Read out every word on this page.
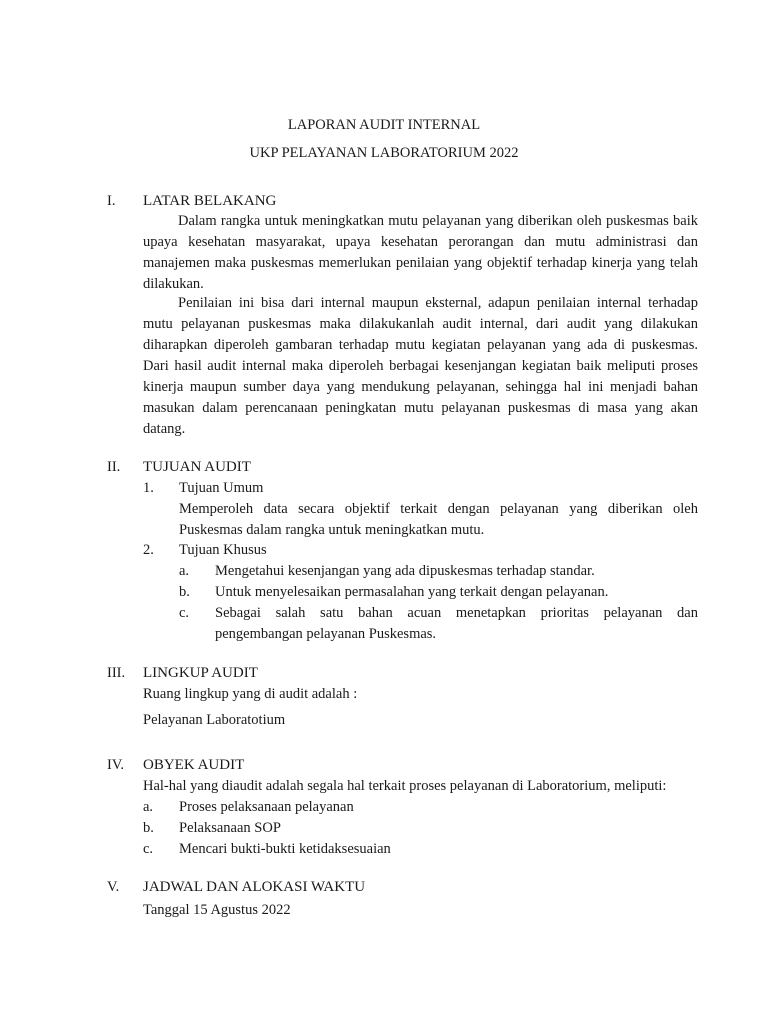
LAPORAN AUDIT INTERNAL
UKP PELAYANAN LABORATORIUM 2022
I. LATAR BELAKANG
Dalam rangka untuk meningkatkan mutu pelayanan yang diberikan oleh puskesmas baik upaya kesehatan masyarakat, upaya kesehatan perorangan dan mutu administrasi dan manajemen maka puskesmas memerlukan penilaian yang objektif terhadap kinerja yang telah dilakukan.
Penilaian ini bisa dari internal maupun eksternal, adapun penilaian internal terhadap mutu pelayanan puskesmas maka dilakukanlah audit internal, dari audit yang dilakukan diharapkan diperoleh gambaran terhadap mutu kegiatan pelayanan yang ada di puskesmas. Dari hasil audit internal maka diperoleh berbagai kesenjangan kegiatan baik meliputi proses kinerja maupun sumber daya yang mendukung pelayanan, sehingga hal ini menjadi bahan masukan dalam perencanaan peningkatan mutu pelayanan puskesmas di masa yang akan datang.
II. TUJUAN AUDIT
1. Tujuan Umum
Memperoleh data secara objektif terkait dengan pelayanan yang diberikan oleh Puskesmas dalam rangka untuk meningkatkan mutu.
2. Tujuan Khusus
a. Mengetahui kesenjangan yang ada dipuskesmas terhadap standar.
b. Untuk menyelesaikan permasalahan yang terkait dengan pelayanan.
c. Sebagai salah satu bahan acuan menetapkan prioritas pelayanan dan pengembangan pelayanan Puskesmas.
III. LINGKUP AUDIT
Ruang lingkup yang di audit adalah :
Pelayanan Laboratotium
IV. OBYEK AUDIT
Hal-hal yang diaudit adalah segala hal terkait proses pelayanan di Laboratorium, meliputi:
a. Proses pelaksanaan pelayanan
b. Pelaksanaan SOP
c. Mencari bukti-bukti ketidaksesuaian
V. JADWAL DAN ALOKASI WAKTU
Tanggal 15 Agustus 2022
